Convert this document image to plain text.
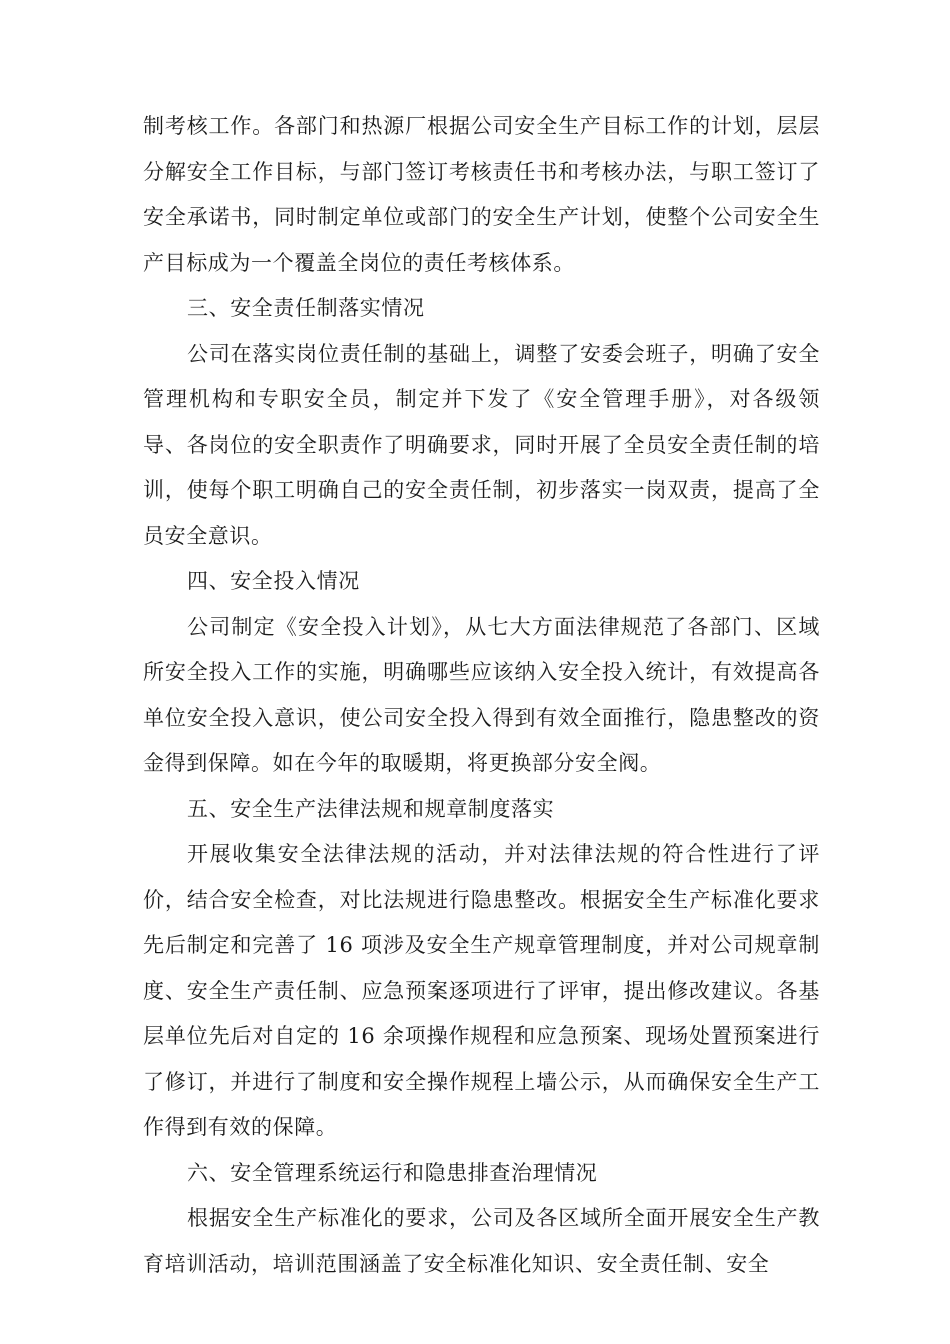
制考核工作。各部门和热源厂根据公司安全生产目标工作的计划，层层分解安全工作目标，与部门签订考核责任书和考核办法，与职工签订了安全承诺书，同时制定单位或部门的安全生产计划，使整个公司安全生产目标成为一个覆盖全岗位的责任考核体系。

三、安全责任制落实情况

公司在落实岗位责任制的基础上，调整了安委会班子，明确了安全管理机构和专职安全员，制定并下发了《安全管理手册》，对各级领导、各岗位的安全职责作了明确要求，同时开展了全员安全责任制的培训，使每个职工明确自己的安全责任制，初步落实一岗双责，提高了全员安全意识。

四、安全投入情况

公司制定《安全投入计划》，从七大方面法律规范了各部门、区域所安全投入工作的实施，明确哪些应该纳入安全投入统计，有效提高各单位安全投入意识，使公司安全投入得到有效全面推行，隐患整改的资金得到保障。如在今年的取暖期，将更换部分安全阀。

五、安全生产法律法规和规章制度落实

开展收集安全法律法规的活动，并对法律法规的符合性进行了评价，结合安全检查，对比法规进行隐患整改。根据安全生产标准化要求先后制定和完善了 16 项涉及安全生产规章管理制度，并对公司规章制度、安全生产责任制、应急预案逐项进行了评审，提出修改建议。各基层单位先后对自定的 16 余项操作规程和应急预案、现场处置预案进行了修订，并进行了制度和安全操作规程上墙公示，从而确保安全生产工作得到有效的保障。

六、安全管理系统运行和隐患排查治理情况

根据安全生产标准化的要求，公司及各区域所全面开展安全生产教育培训活动，培训范围涵盖了安全标准化知识、安全责任制、安全
